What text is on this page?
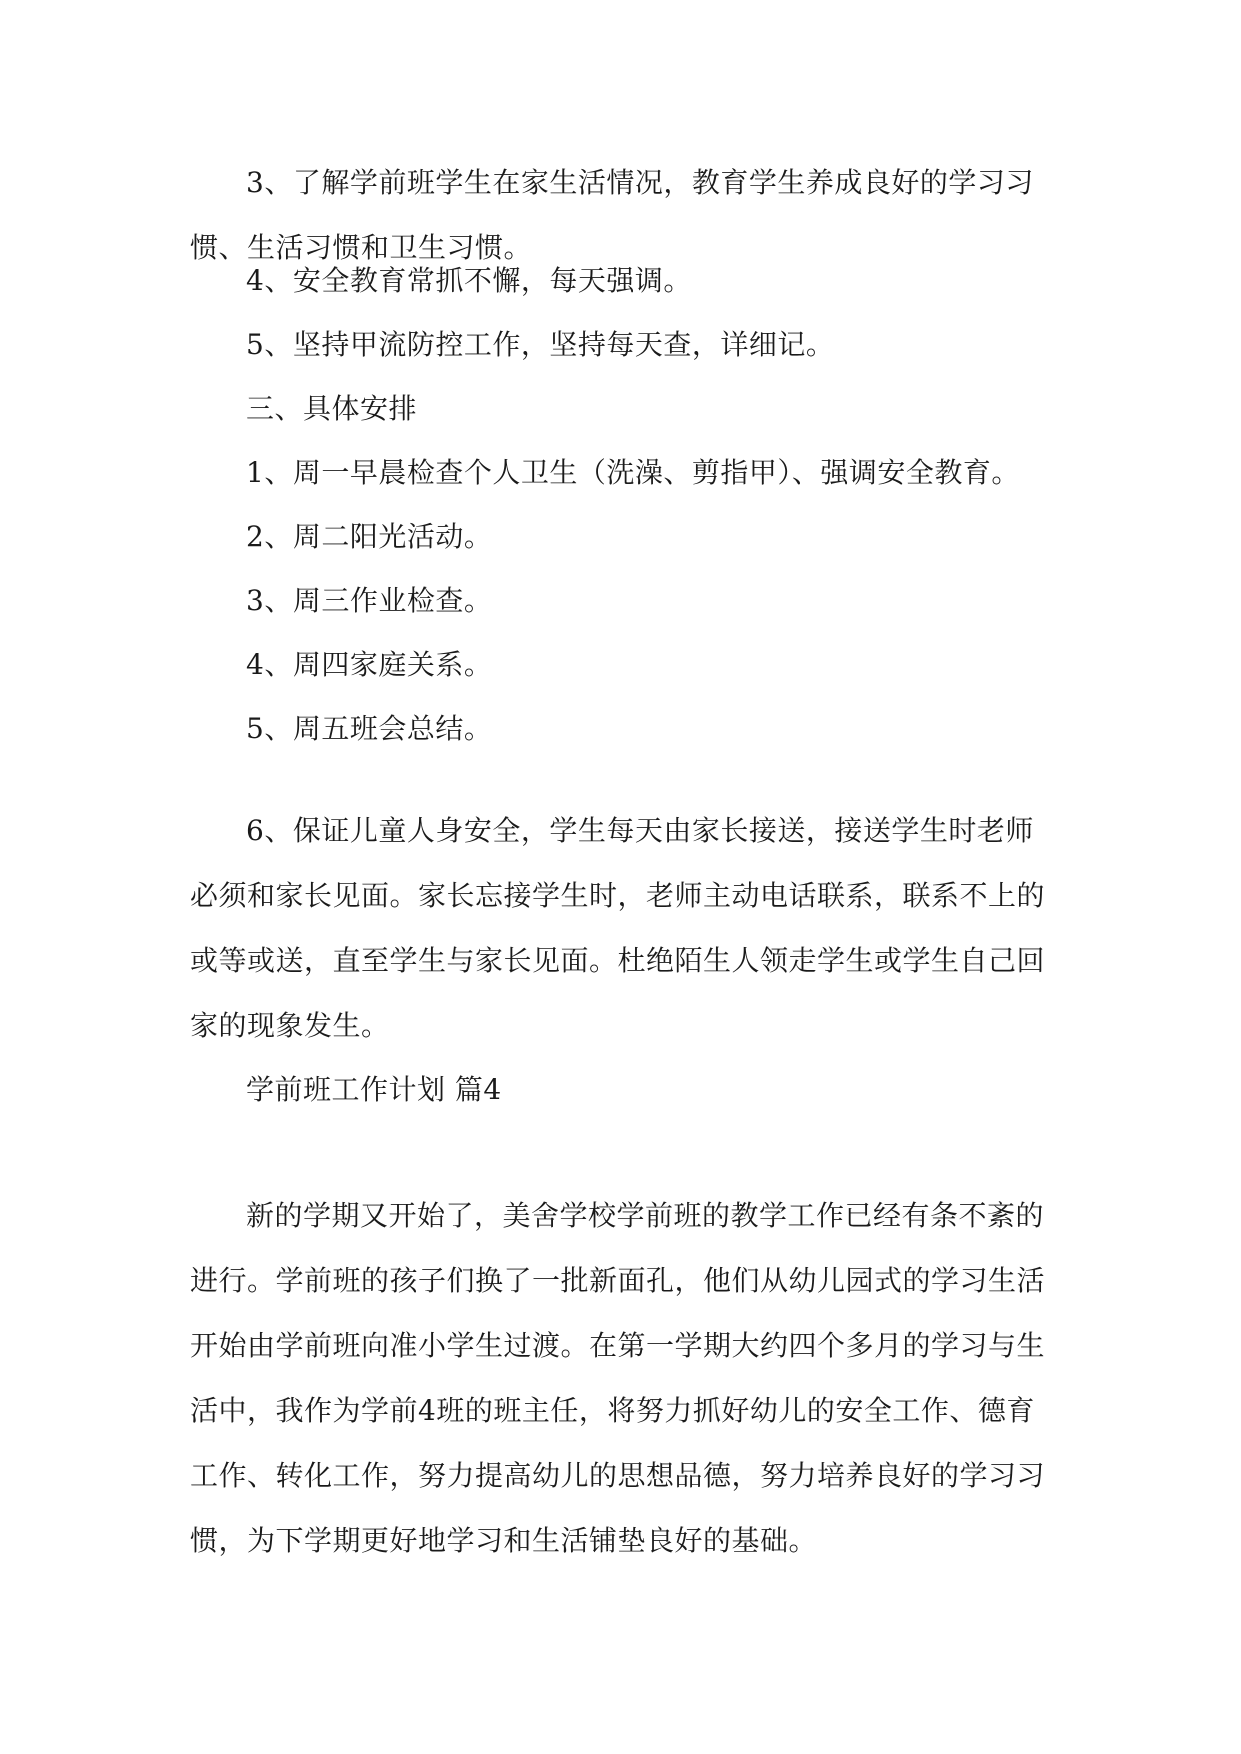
3、了解学前班学生在家生活情况，教育学生养成良好的学习习惯、生活习惯和卫生习惯。

4、安全教育常抓不懈，每天强调。

5、坚持甲流防控工作，坚持每天查，详细记。

三、具体安排

1、周一早晨检查个人卫生（洗澡、剪指甲）、强调安全教育。

2、周二阳光活动。

3、周三作业检查。

4、周四家庭关系。

5、周五班会总结。

6、保证儿童人身安全，学生每天由家长接送，接送学生时老师必须和家长见面。家长忘接学生时，老师主动电话联系，联系不上的或等或送，直至学生与家长见面。杜绝陌生人领走学生或学生自己回家的现象发生。

学前班工作计划 篇4

新的学期又开始了，美舍学校学前班的教学工作已经有条不紊的进行。学前班的孩子们换了一批新面孔，他们从幼儿园式的学习生活开始由学前班向准小学生过渡。在第一学期大约四个多月的学习与生活中，我作为学前4班的班主任，将努力抓好幼儿的安全工作、德育工作、转化工作，努力提高幼儿的思想品德，努力培养良好的学习习惯，为下学期更好地学习和生活铺垫良好的基础。
